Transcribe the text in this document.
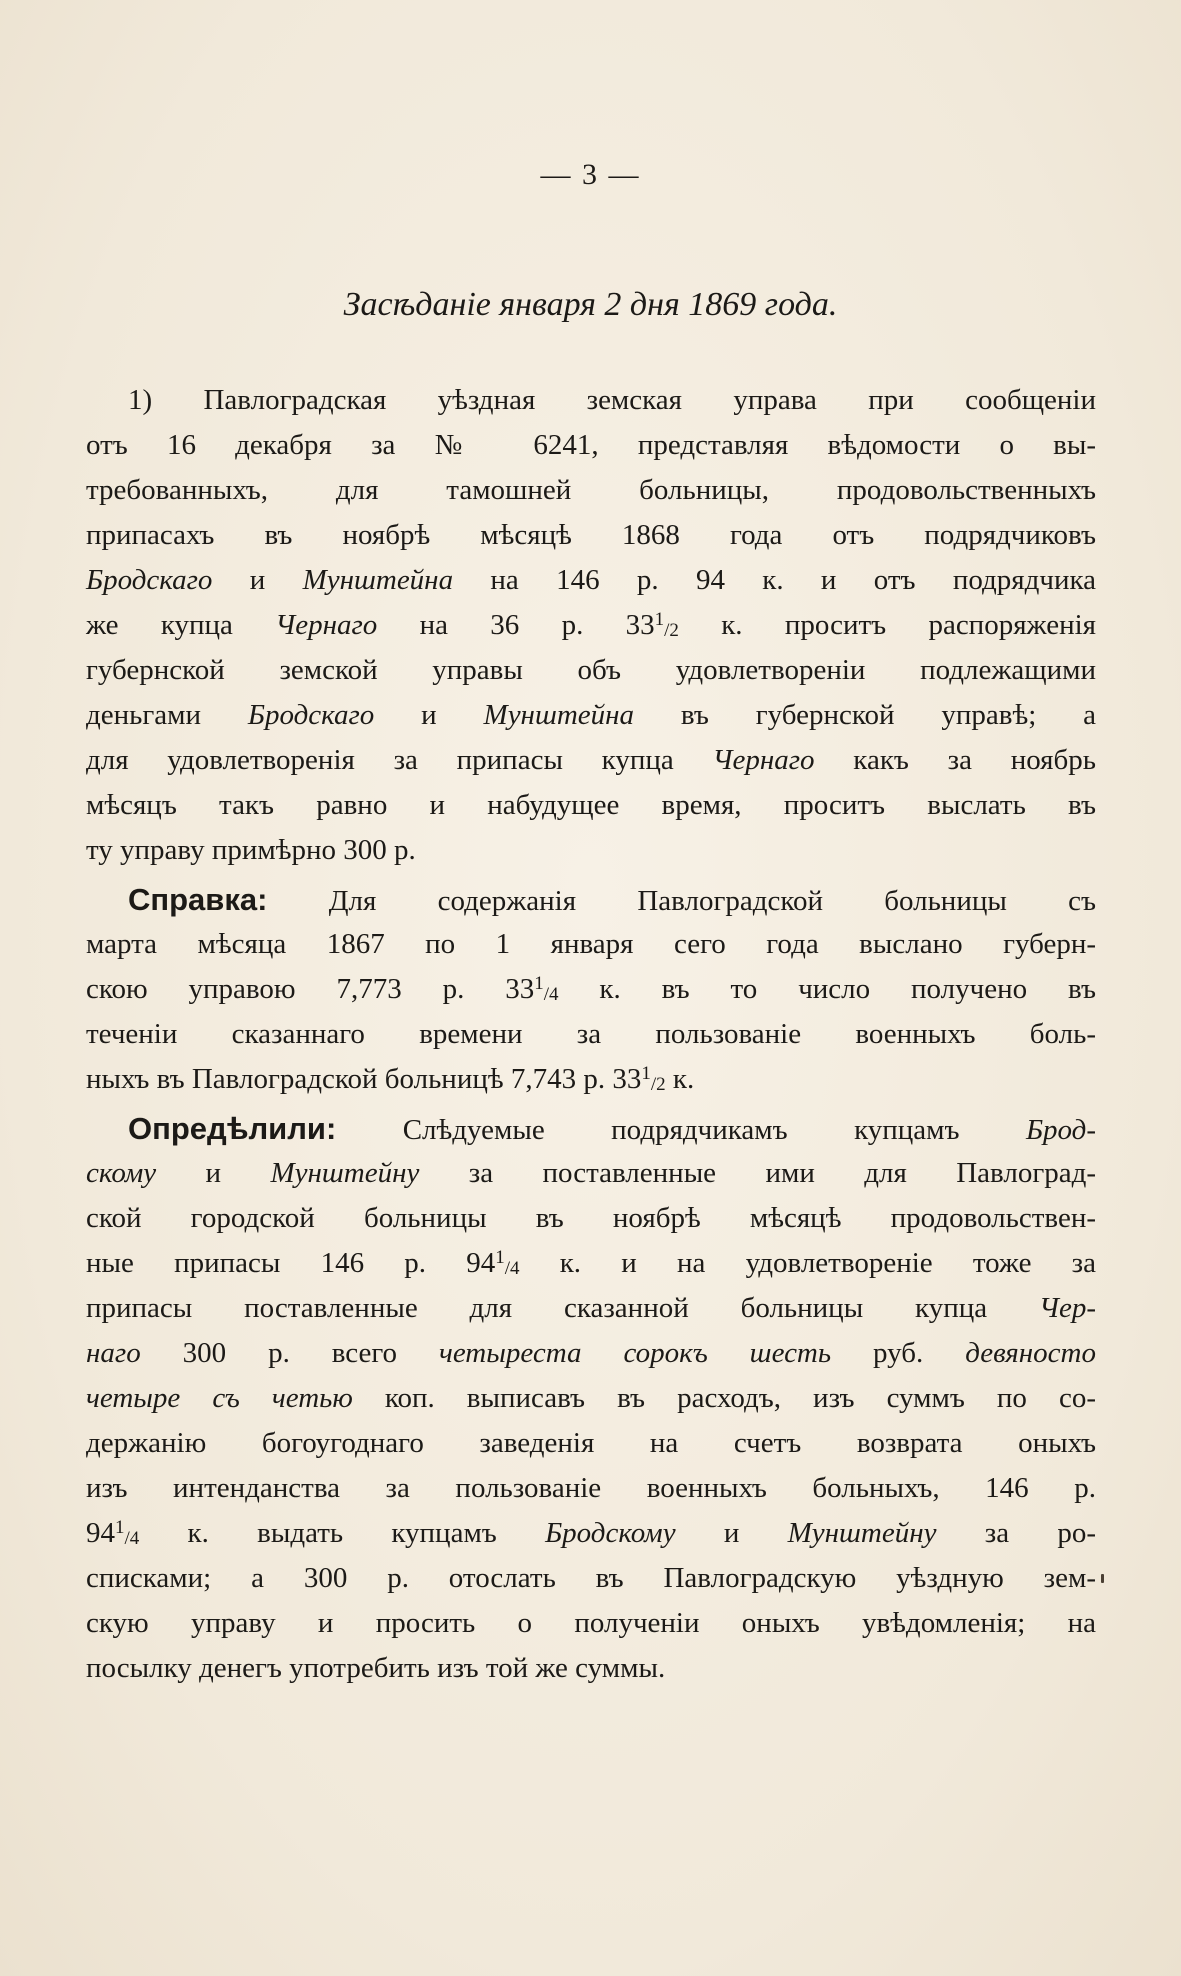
— 3 —
Засѣданіе января 2 дня 1869 года.
1) Павлоградская уѣздная земская управа при сообщеніи
отъ 16 декабря за № 6241, представляя вѣдомости о вы-
требованныхъ, для тамошней больницы, продовольственныхъ
припасахъ въ ноябрѣ мѣсяцѣ 1868 года отъ подрядчиковъ
Бродскаго и Мунштейна на 146 р. 94 к. и отъ подрядчика
же купца Чернаго на 36 р. $33^1_{/2}$ к. проситъ распоряженія
губернской земской управы объ удовлетвореніи подлежащими
деньгами Бродскаго и Мунштейна въ губернской управѣ; а
для удовлетворенія за припасы купца Чернаго какъ за ноябрь
мѣсяцъ такъ равно и набудущее время, проситъ выслать въ
ту управу примѣрно 300 р.
Справка: Для содержанія Павлоградской больницы съ
марта мѣсяца 1867 по 1 января сего года выслано губерн-
скою управою 7,773 р. $33^1_{/4}$ к. въ то число получено въ
теченіи сказаннаго времени за пользованіе военныхъ боль-
ныхъ въ Павлоградской больницѣ 7,743 р. $33^1_{/2}$ к.
Опредѣлили: Слѣдуемые подрядчикамъ купцамъ Брод-
скому и Мунштейну за поставленные ими для Павлоград-
ской городской больницы въ ноябрѣ мѣсяцѣ продовольствен-
ные припасы 146 р. $94^1_{/4}$ к. и на удовлетвореніе тоже за
припасы поставленные для сказанной больницы купца Чер-
наго 300 р. всего четыреста сорокъ шесть руб. девяносто
четыре съ четью коп. выписавъ въ расходъ, изъ суммъ по со-
держанію богоугоднаго заведенія на счетъ возврата оныхъ
изъ интенданства за пользованіе военныхъ больныхъ, 146 р.
$94^1_{/4}$ к. выдать купцамъ Бродскому и Мунштейну за ро-
списками; а 300 р. отослать въ Павлоградскую уѣздную зем-
скую управу и просить о полученіи оныхъ увѣдомленія; на
посылку денегъ употребить изъ той же суммы.
